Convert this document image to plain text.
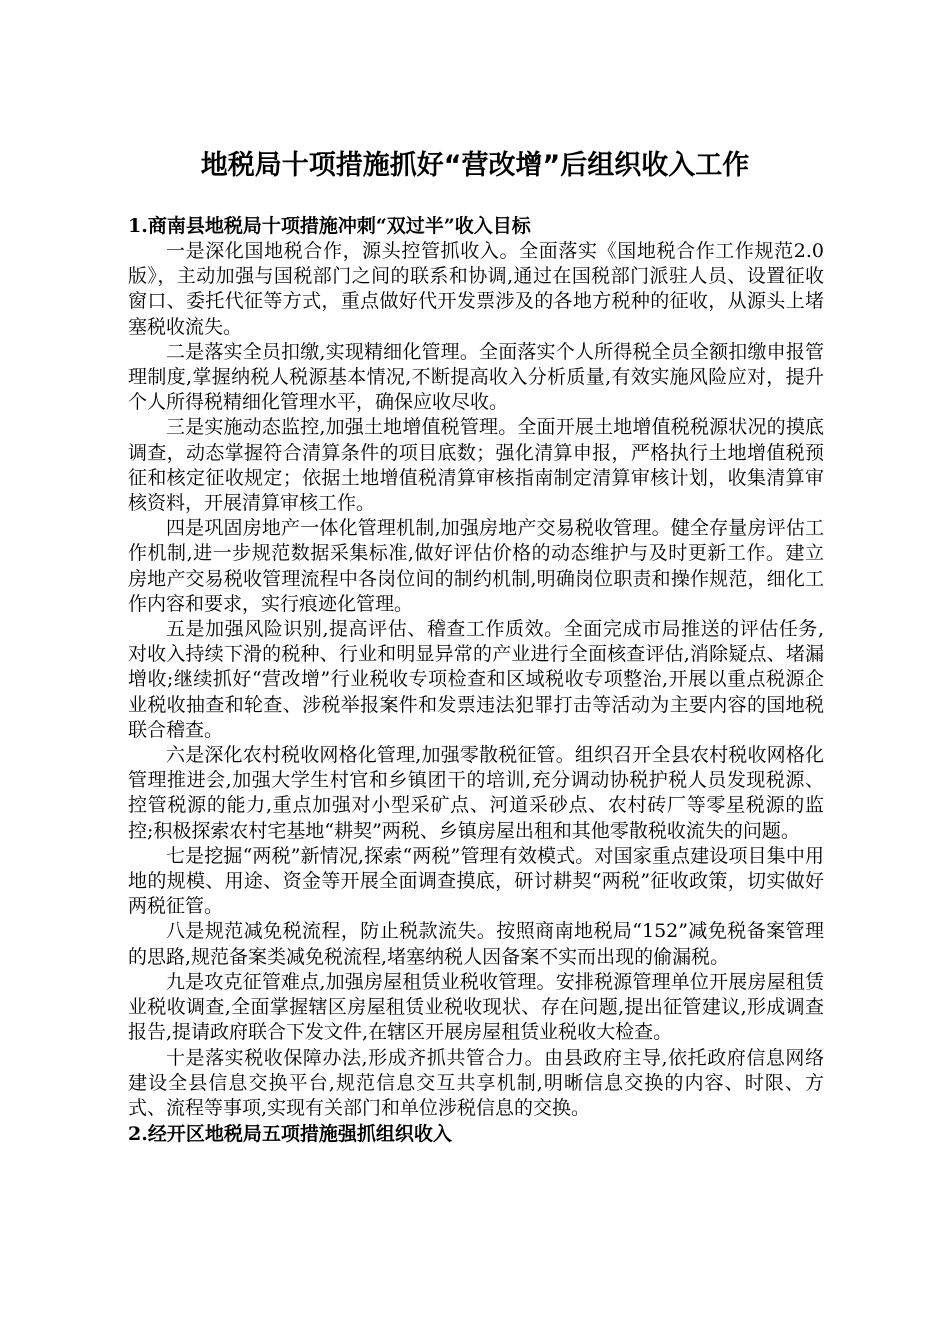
地税局十项措施抓好“营改增”后组织收入工作
1.商南县地税局十项措施冲刺“双过半”收入目标

一是深化国地税合作，源头控管抓收入。全面落实《国地税合作工作规范2.0版》，主动加强与国税部门之间的联系和协调,通过在国税部门派驻人员、设置征收窗口、委托代征等方式，重点做好代开发票涉及的各地方税种的征收，从源头上堵塞税收流失。

二是落实全员扣缴,实现精细化管理。全面落实个人所得税全员全额扣缴申报管理制度,掌握纳税人税源基本情况,不断提高收入分析质量,有效实施风险应对，提升个人所得税精细化管理水平，确保应收尽收。

三是实施动态监控,加强土地增值税管理。全面开展土地增值税税源状况的摸底调查，动态掌握符合清算条件的项目底数；强化清算申报，严格执行土地增值税预征和核定征收规定；依据土地增值税清算审核指南制定清算审核计划，收集清算审核资料，开展清算审核工作。

四是巩固房地产一体化管理机制,加强房地产交易税收管理。健全存量房评估工作机制,进一步规范数据采集标准,做好评估价格的动态维护与及时更新工作。建立房地产交易税收管理流程中各岗位间的制约机制,明确岗位职责和操作规范，细化工作内容和要求，实行痕迹化管理。

五是加强风险识别,提高评估、稽查工作质效。全面完成市局推送的评估任务,对收入持续下滑的税种、行业和明显异常的产业进行全面核查评估,消除疑点、堵漏增收;继续抓好“营改增”行业税收专项检查和区域税收专项整治,开展以重点税源企业税收抽查和轮查、涉税举报案件和发票违法犯罪打击等活动为主要内容的国地税联合稽查。

六是深化农村税收网格化管理,加强零散税征管。组织召开全县农村税收网格化管理推进会,加强大学生村官和乡镇团干的培训,充分调动协税护税人员发现税源、控管税源的能力,重点加强对小型采矿点、河道采砂点、农村砖厂等零星税源的监控;积极探索农村宅基地“耕契”两税、乡镇房屋出租和其他零散税收流失的问题。

七是挖掘“两税”新情况,探索“两税”管理有效模式。对国家重点建设项目集中用地的规模、用途、资金等开展全面调查摸底，研讨耕契“两税”征收政策，切实做好两税征管。

八是规范减免税流程，防止税款流失。按照商南地税局“152”减免税备案管理的思路,规范备案类减免税流程,堵塞纳税人因备案不实而出现的偷漏税。

九是攻克征管难点,加强房屋租赁业税收管理。安排税源管理单位开展房屋租赁业税收调查,全面掌握辖区房屋租赁业税收现状、存在问题,提出征管建议,形成调查报告,提请政府联合下发文件,在辖区开展房屋租赁业税收大检查。

十是落实税收保障办法,形成齐抓共管合力。由县政府主导,依托政府信息网络建设全县信息交换平台,规范信息交互共享机制,明晰信息交换的内容、时限、方式、流程等事项,实现有关部门和单位涉税信息的交换。

2.经开区地税局五项措施强抓组织收入
